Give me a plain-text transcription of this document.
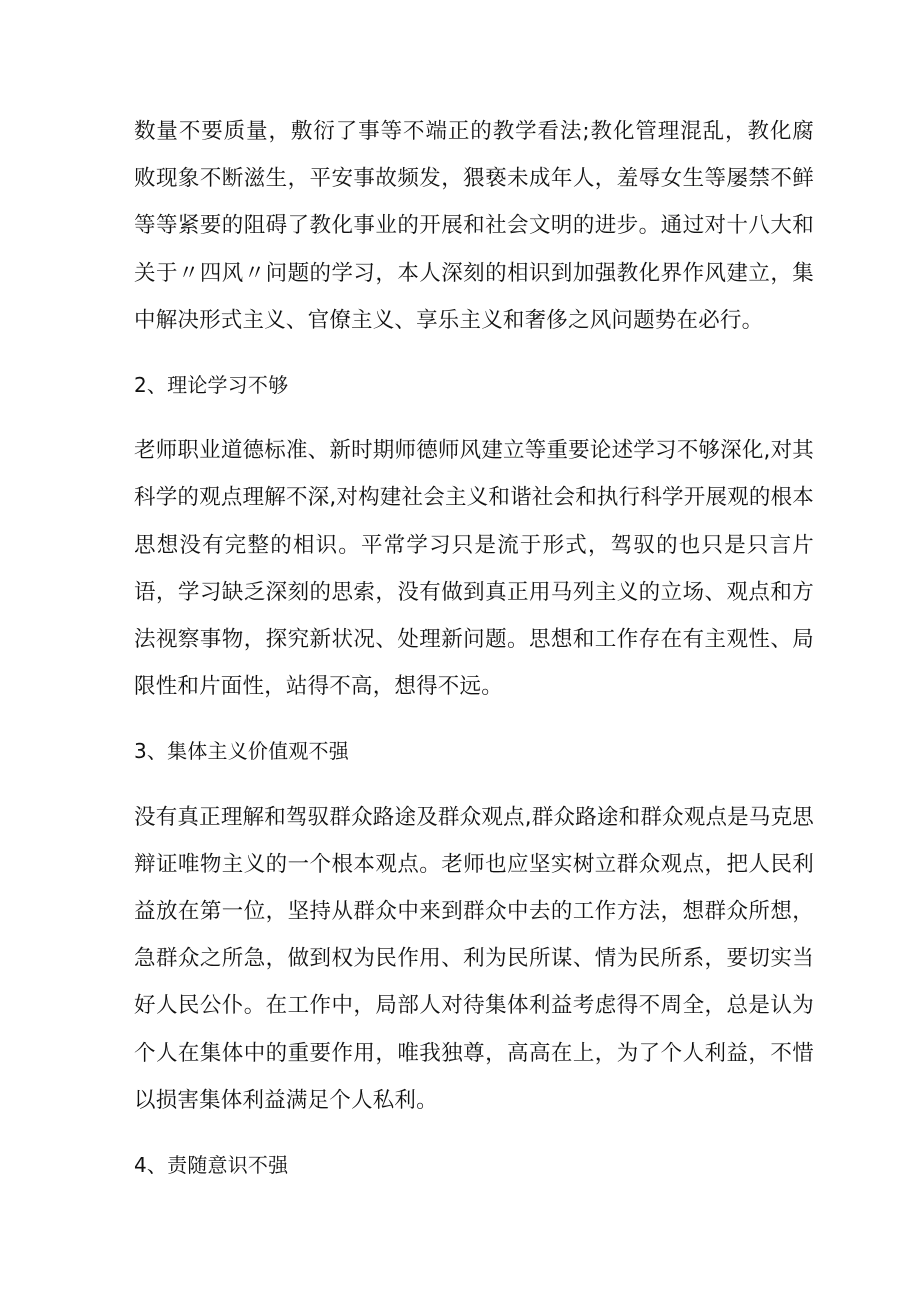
数量不要质量，敷衍了事等不端正的教学看法;教化管理混乱，教化腐败现象不断滋生，平安事故频发，猥亵未成年人，羞辱女生等屡禁不鲜等等紧要的阻碍了教化事业的开展和社会文明的进步。通过对十八大和关于〃四风〃问题的学习，本人深刻的相识到加强教化界作风建立，集中解决形式主义、官僚主义、享乐主义和奢侈之风问题势在必行。

2、理论学习不够

老师职业道德标准、新时期师德师风建立等重要论述学习不够深化,对其科学的观点理解不深,对构建社会主义和谐社会和执行科学开展观的根本思想没有完整的相识。平常学习只是流于形式，驾驭的也只是只言片语，学习缺乏深刻的思索，没有做到真正用马列主义的立场、观点和方法视察事物，探究新状况、处理新问题。思想和工作存在有主观性、局限性和片面性，站得不高，想得不远。

3、集体主义价值观不强

没有真正理解和驾驭群众路途及群众观点,群众路途和群众观点是马克思辩证唯物主义的一个根本观点。老师也应坚实树立群众观点，把人民利益放在第一位，坚持从群众中来到群众中去的工作方法，想群众所想，急群众之所急，做到权为民作用、利为民所谋、情为民所系，要切实当好人民公仆。在工作中，局部人对待集体利益考虑得不周全，总是认为个人在集体中的重要作用，唯我独尊，高高在上，为了个人利益，不惜以损害集体利益满足个人私利。

4、责随意识不强
